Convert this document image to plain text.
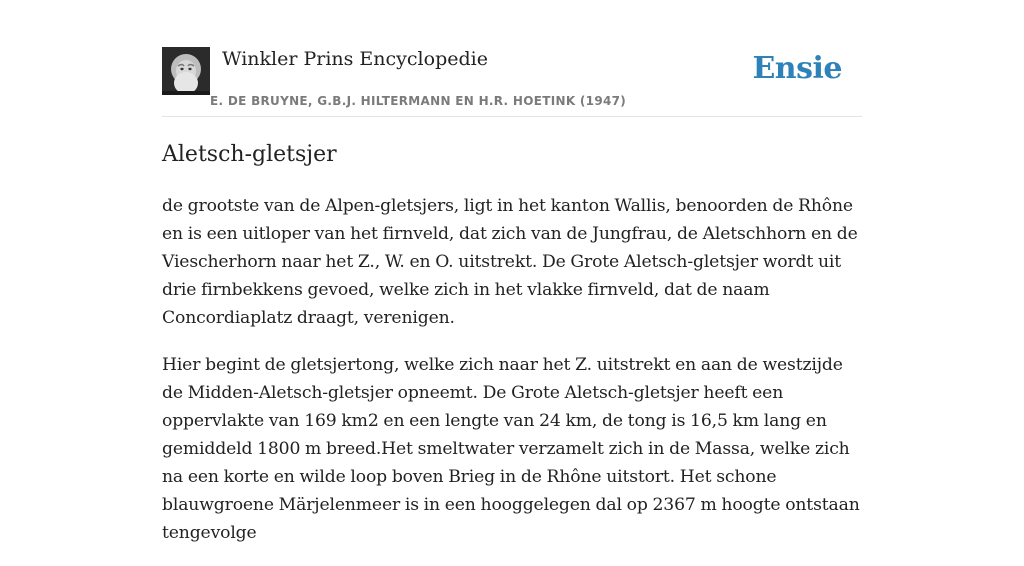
Winkler Prins Encyclopedie
E. DE BRUYNE, G.B.J. HILTERMANN EN H.R. HOETINK (1947)
Ensie
Aletsch-gletsjer

de grootste van de Alpen-gletsjers, ligt in het kanton Wallis, benoorden de Rhône en is een uitloper van het firnveld, dat zich van de Jungfrau, de Aletschhorn en de Viescherhorn naar het Z., W. en O. uitstrekt. De Grote Aletsch-gletsjer wordt uit drie firnbekkens gevoed, welke zich in het vlakke firnveld, dat de naam Concordiaplatz draagt, verenigen.

Hier begint de gletsjertong, welke zich naar het Z. uitstrekt en aan de westzijde de Midden-Aletsch-gletsjer opneemt. De Grote Aletsch-gletsjer heeft een oppervlakte van 169 km2 en een lengte van 24 km, de tong is 16,5 km lang en gemiddeld 1800 m breed.Het smeltwater verzamelt zich in de Massa, welke zich na een korte en wilde loop boven Brieg in de Rhône uitstort. Het schone blauwgroene Märjelenmeer is in een hooggelegen dal op 2367 m hoogte ontstaan tengevolge
